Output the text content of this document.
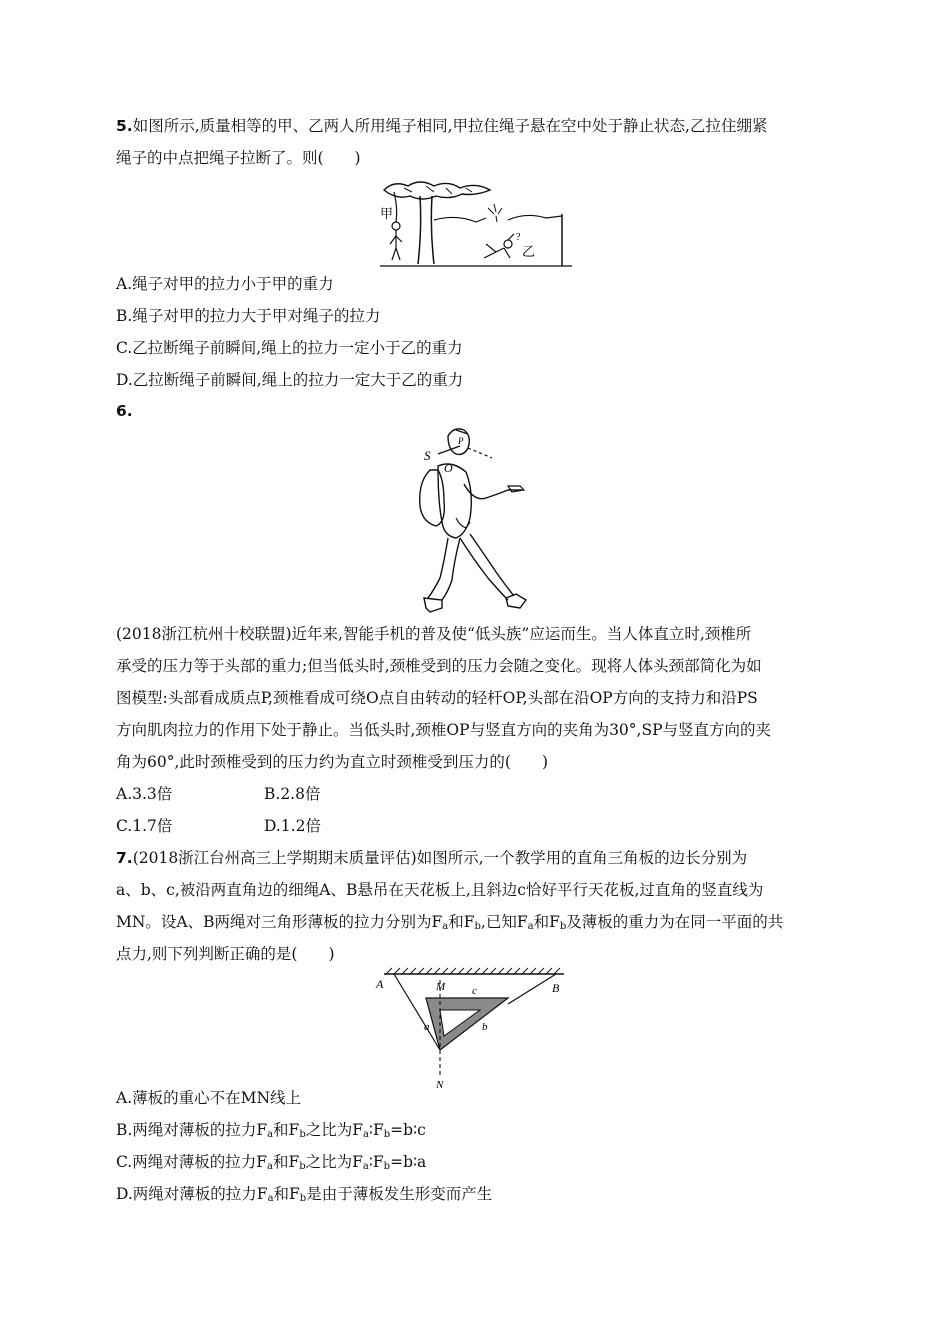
5.如图所示,质量相等的甲、乙两人所用绳子相同,甲拉住绳子悬在空中处于静止状态,乙拉住绷紧
绳子的中点把绳子拉断了。则(　　)
甲
?
乙
A.绳子对甲的拉力小于甲的重力
B.绳子对甲的拉力大于甲对绳子的拉力
C.乙拉断绳子前瞬间,绳上的拉力一定小于乙的重力
D.乙拉断绳子前瞬间,绳上的拉力一定大于乙的重力
6.
S
P
O
(2018浙江杭州十校联盟)近年来,智能手机的普及使“低头族”应运而生。当人体直立时,颈椎所
承受的压力等于头部的重力;但当低头时,颈椎受到的压力会随之变化。现将人体头颈部简化为如
图模型:头部看成质点P,颈椎看成可绕O点自由转动的轻杆OP,头部在沿OP方向的支持力和沿PS
方向肌肉拉力的作用下处于静止。当低头时,颈椎OP与竖直方向的夹角为30°,SP与竖直方向的夹
角为60°,此时颈椎受到的压力约为直立时颈椎受到压力的(　　)
A.3.3倍	B.2.8倍
C.1.7倍	D.1.2倍
7.(2018浙江台州高三上学期期末质量评估)如图所示,一个教学用的直角三角板的边长分别为
a、b、c,被沿两直角边的细绳A、B悬吊在天花板上,且斜边c恰好平行天花板,过直角的竖直线为
MN。设A、B两绳对三角形薄板的拉力分别为$F_a$和$F_b$,已知$F_a$和$F_b$及薄板的重力为在同一平面的共
点力,则下列判断正确的是(　　)
A	B
M
N
a	b
c
A.薄板的重心不在MN线上
B.两绳对薄板的拉力$F_a$和$F_b$之比为$F_a∶F_b=b∶c$
C.两绳对薄板的拉力$F_a$和$F_b$之比为$F_a∶F_b=b∶a$
D.两绳对薄板的拉力$F_a$和$F_b$是由于薄板发生形变而产生
